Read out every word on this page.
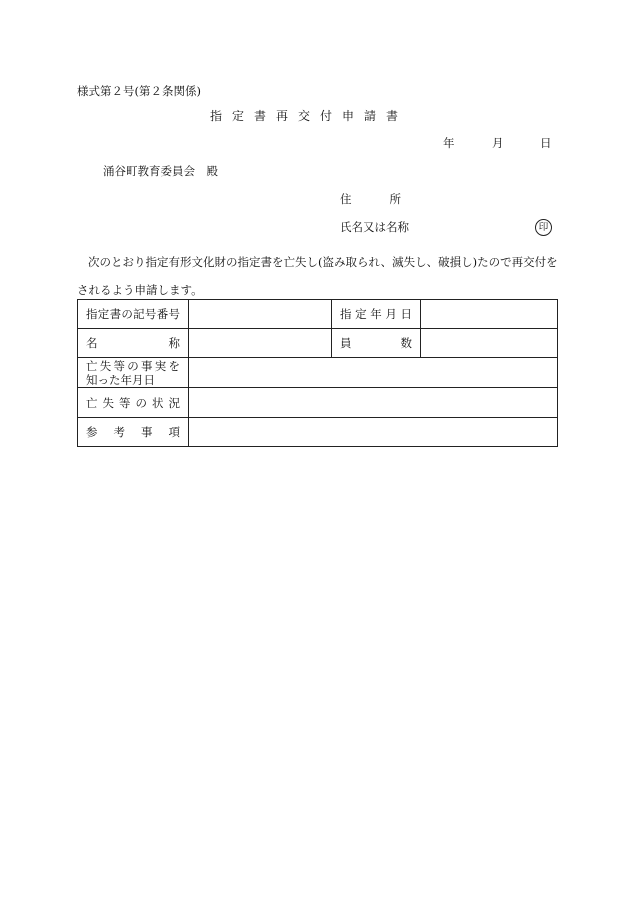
様式第２号(第２条関係)
指定書再交付申請書
年	月	日
涌谷町教育委員会　殿
住所
氏名又は名称	印
次のとおり指定有形文化財の指定書を亡失し(盗み取られ、滅失し、破損し)たので再交付をされるよう申請します。
指定書の記号番号		指定年月日	
名称		員数	

亡失等の事実を
知った年月日			

亡失等の状況			
参考事項			
